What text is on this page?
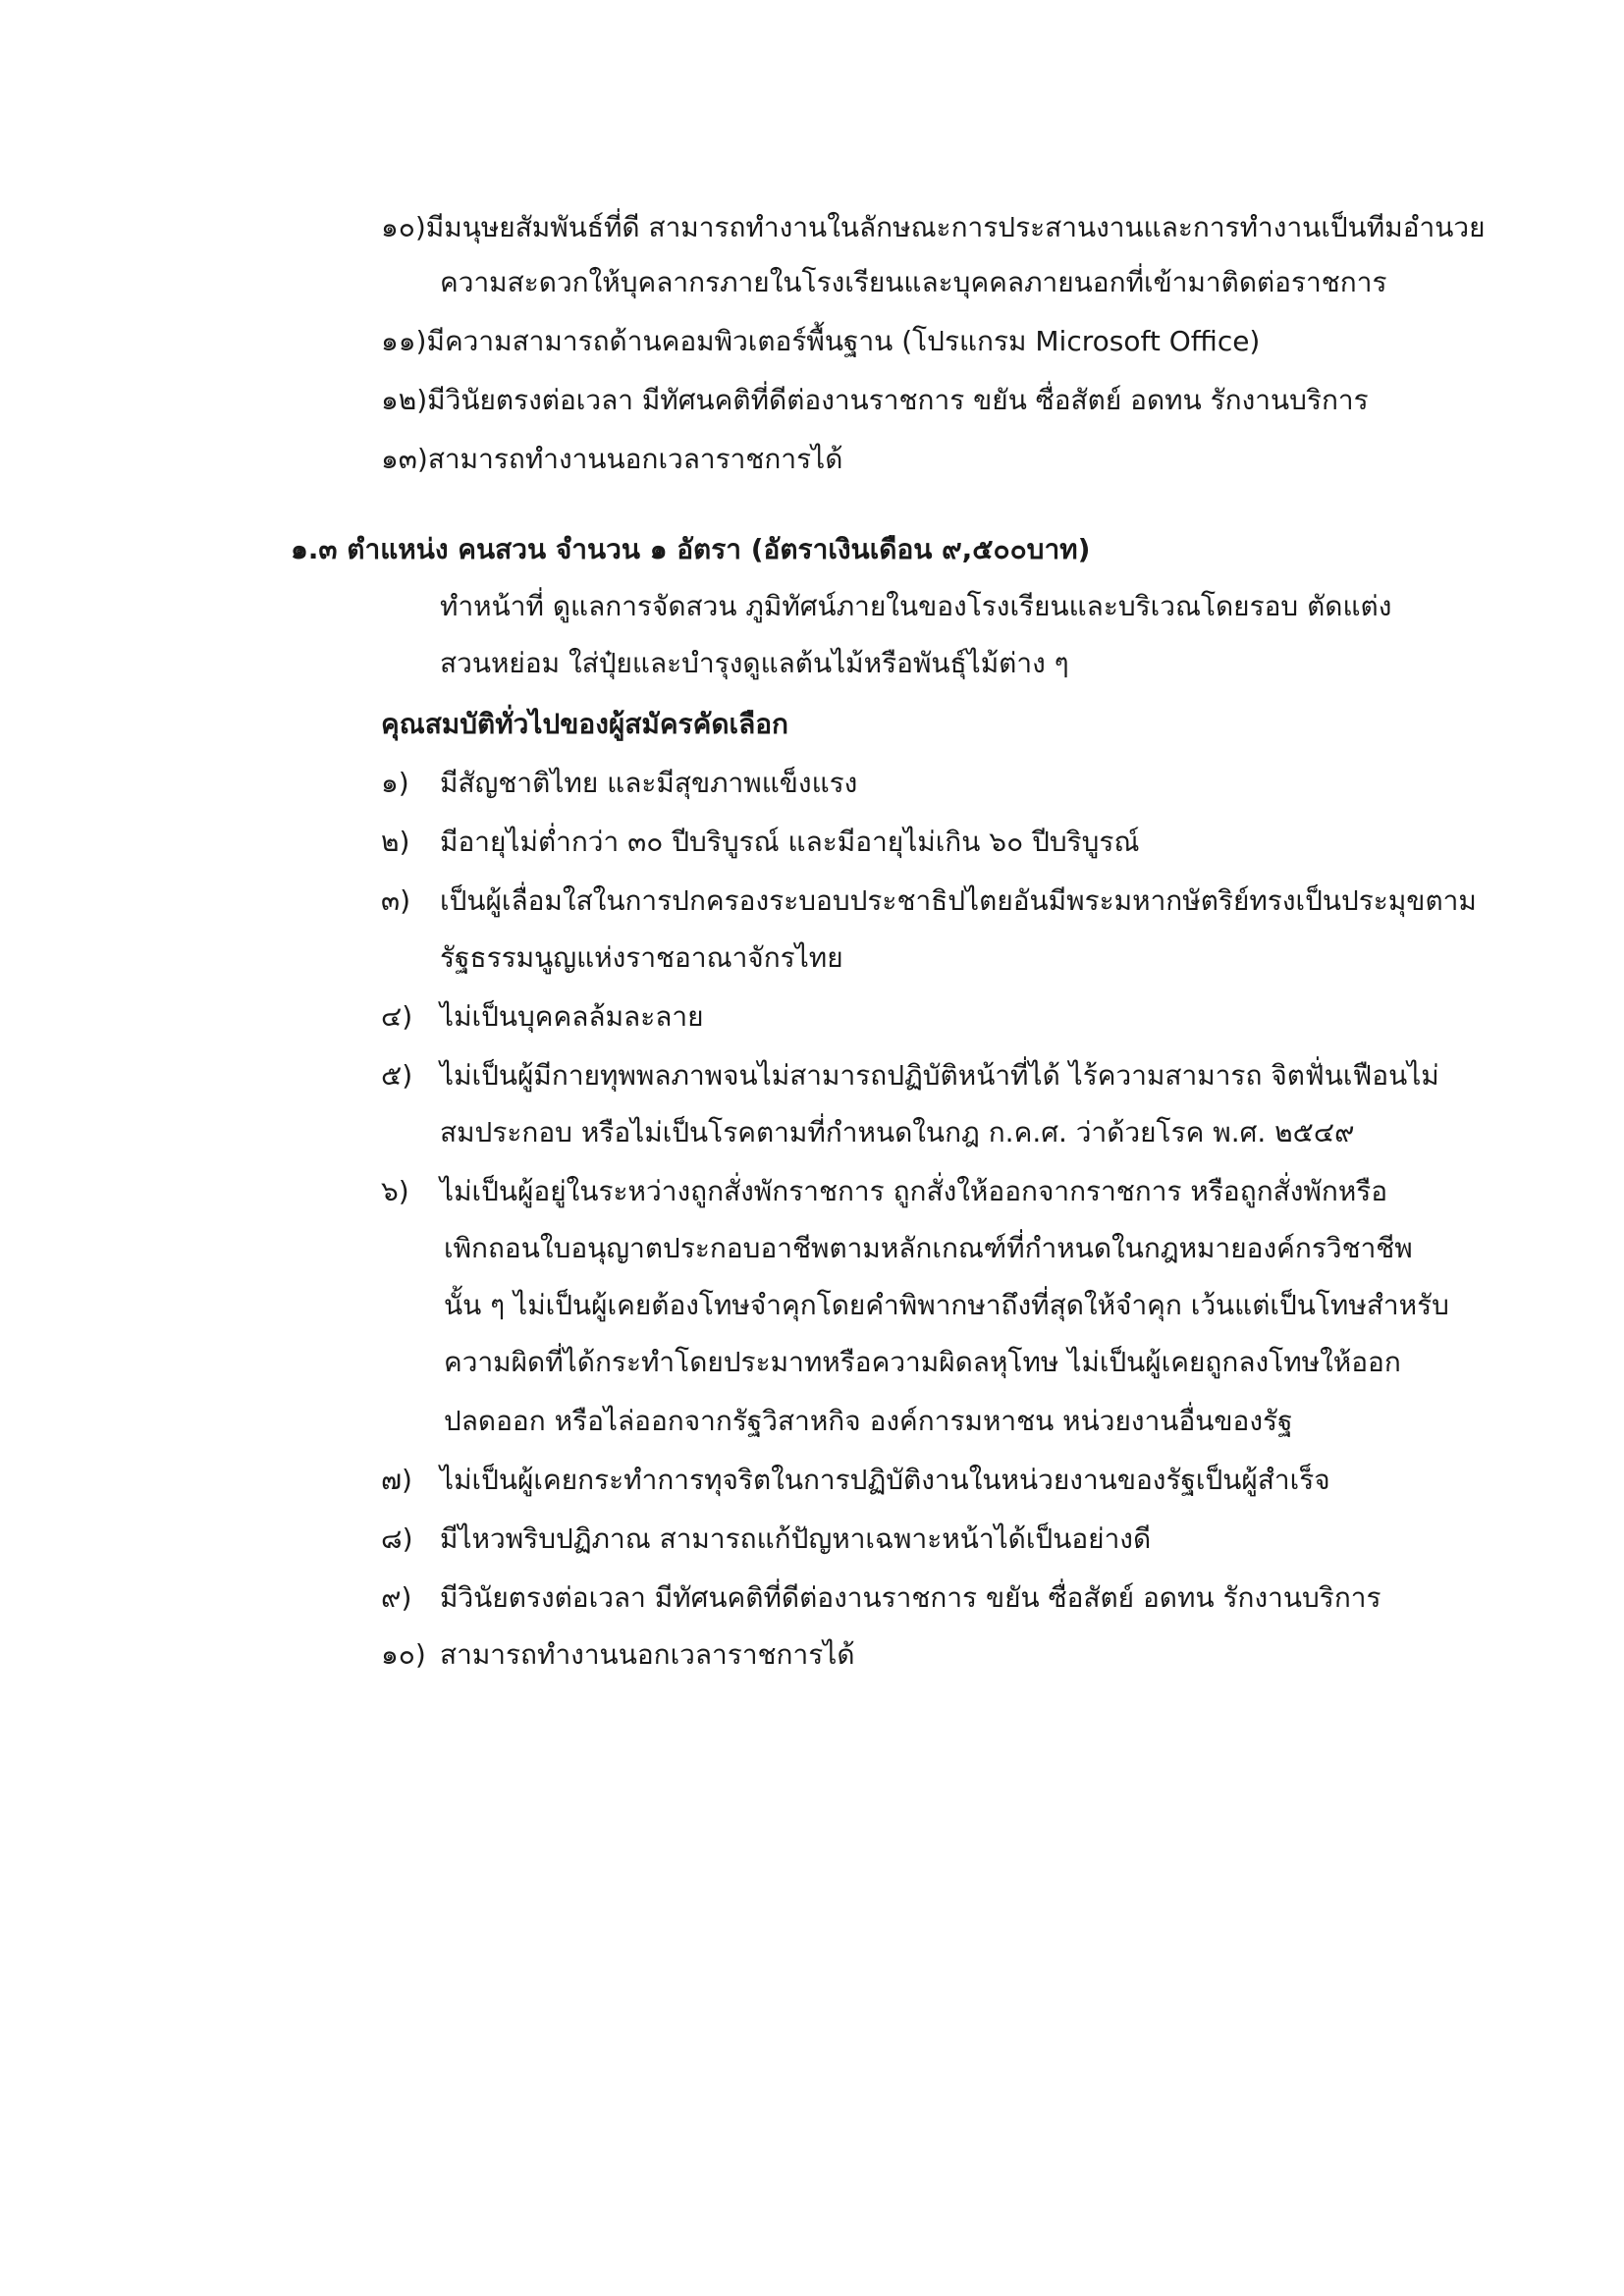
๑๐)มีมนุษยสัมพันธ์ที่ดี สามารถทำงานในลักษณะการประสานงานและการทำงานเป็นทีมอำนวย
ความสะดวกให้บุคลากรภายในโรงเรียนและบุคคลภายนอกที่เข้ามาติดต่อราชการ
๑๑)มีความสามารถด้านคอมพิวเตอร์พื้นฐาน (โปรแกรม Microsoft Office)
๑๒)มีวินัยตรงต่อเวลา มีทัศนคติที่ดีต่องานราชการ ขยัน ซื่อสัตย์ อดทน รักงานบริการ
๑๓)สามารถทำงานนอกเวลาราชการได้
๑.๓ ตำแหน่ง คนสวน จำนวน ๑ อัตรา (อัตราเงินเดือน ๙,๕๐๐บาท)
ทำหน้าที่ ดูแลการจัดสวน ภูมิทัศน์ภายในของโรงเรียนและบริเวณโดยรอบ ตัดแต่ง
สวนหย่อม ใส่ปุ๋ยและบำรุงดูแลต้นไม้หรือพันธุ์ไม้ต่าง ๆ
คุณสมบัติทั่วไปของผู้สมัครคัดเลือก
๑) มีสัญชาติไทย และมีสุขภาพแข็งแรง
๒) มีอายุไม่ต่ำกว่า ๓๐ ปีบริบูรณ์ และมีอายุไม่เกิน ๖๐ ปีบริบูรณ์
๓) เป็นผู้เลื่อมใสในการปกครองระบอบประชาธิปไตยอันมีพระมหากษัตริย์ทรงเป็นประมุขตาม
รัฐธรรมนูญแห่งราชอาณาจักรไทย
๔) ไม่เป็นบุคคลล้มละลาย
๕) ไม่เป็นผู้มีกายทุพพลภาพจนไม่สามารถปฏิบัติหน้าที่ได้ ไร้ความสามารถ จิตฟั่นเฟือนไม่
สมประกอบ หรือไม่เป็นโรคตามที่กำหนดในกฎ ก.ค.ศ. ว่าด้วยโรค พ.ศ. ๒๕๔๙
๖) ไม่เป็นผู้อยู่ในระหว่างถูกสั่งพักราชการ ถูกสั่งให้ออกจากราชการ หรือถูกสั่งพักหรือ
เพิกถอนใบอนุญาตประกอบอาชีพตามหลักเกณฑ์ที่กำหนดในกฎหมายองค์กรวิชาชีพ
นั้น ๆ ไม่เป็นผู้เคยต้องโทษจำคุกโดยคำพิพากษาถึงที่สุดให้จำคุก เว้นแต่เป็นโทษสำหรับ
ความผิดที่ได้กระทำโดยประมาทหรือความผิดลหุโทษ ไม่เป็นผู้เคยถูกลงโทษให้ออก
ปลดออก หรือไล่ออกจากรัฐวิสาหกิจ องค์การมหาชน หน่วยงานอื่นของรัฐ
๗) ไม่เป็นผู้เคยกระทำการทุจริตในการปฏิบัติงานในหน่วยงานของรัฐเป็นผู้สำเร็จ
๘) มีไหวพริบปฏิภาณ สามารถแก้ปัญหาเฉพาะหน้าได้เป็นอย่างดี
๙) มีวินัยตรงต่อเวลา มีทัศนคติที่ดีต่องานราชการ ขยัน ซื่อสัตย์ อดทน รักงานบริการ
๑๐) สามารถทำงานนอกเวลาราชการได้
